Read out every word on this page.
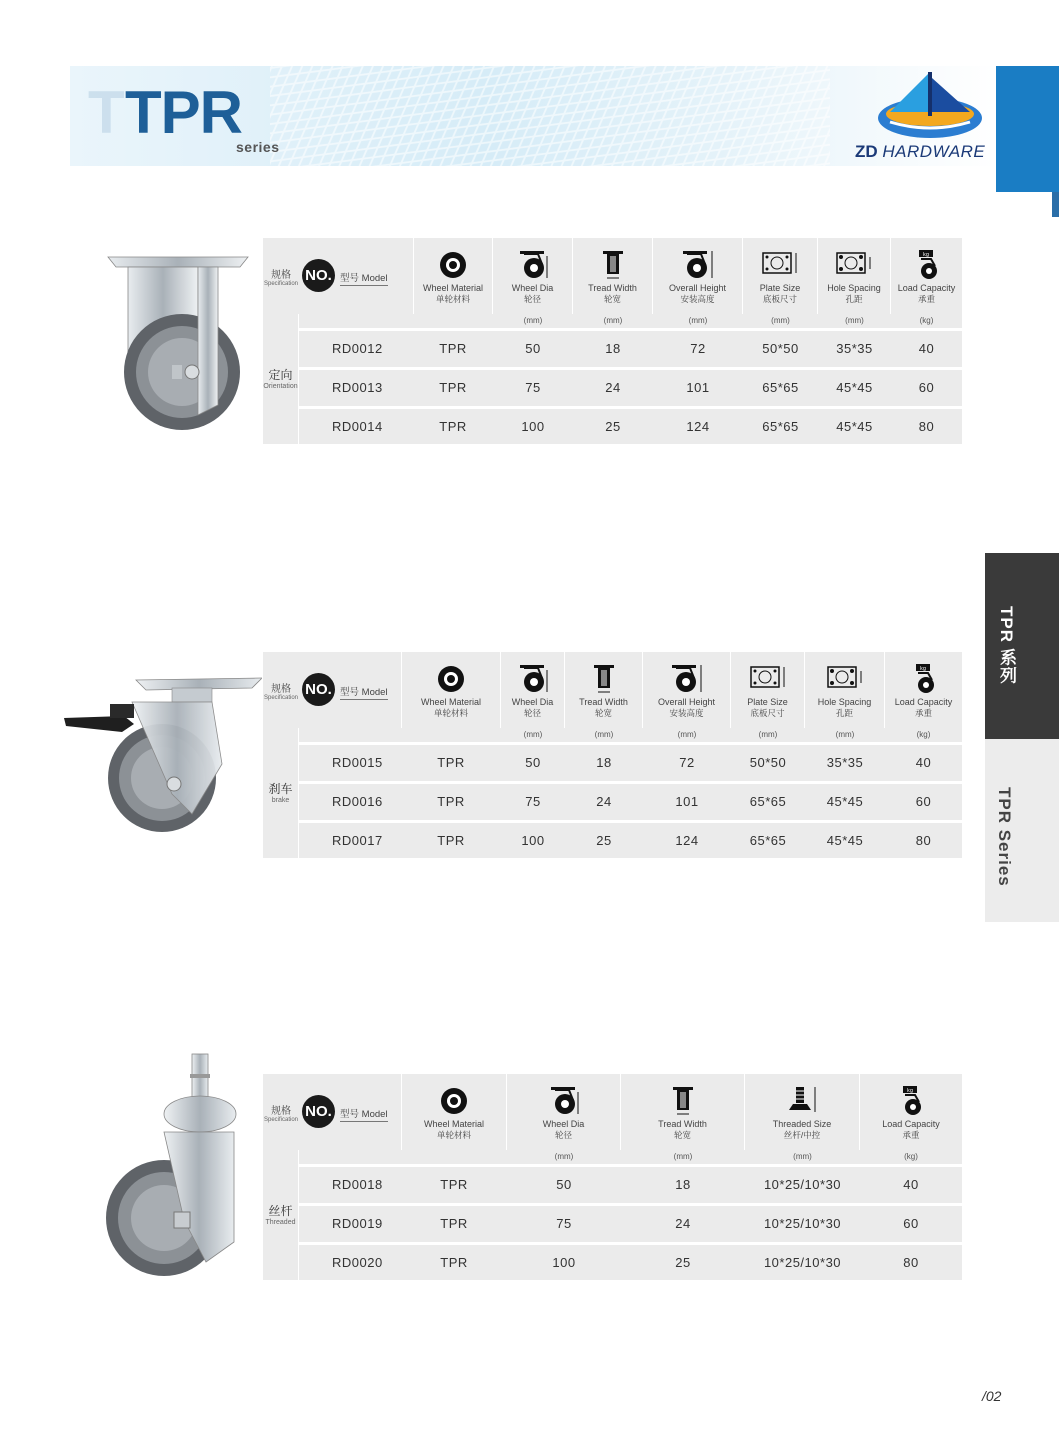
T TPR
series	ZD HARDWARE
TPR 系列
TPR Series
规格
Specification NO. 型号 Model
Wheel Material
单轮材料
Wheel Dia
轮径
Tread Width
轮宽
Overall Height
安装高度
Plate Size
底板尺寸
Hole Spacing
孔距
kg
Load Capacity
承重
(mm)	(mm)	(mm)	(mm)	(mm)	(kg)
定向
Orientation
RD0012	TPR	50	18	72	50*50	35*35	40
RD0013	TPR	75	24	101	65*65	45*45	60
RD0014	TPR	100	25	124	65*65	45*45	80
规格
Specification NO. 型号 Model
Wheel Material
单轮材料
Wheel Dia
轮径
Tread Width
轮宽
Overall Height
安装高度
Plate Size
底板尺寸
Hole Spacing
孔距
kg
Load Capacity
承重
(mm)	(mm)	(mm)	(mm)	(mm)	(kg)
刹车
brake
RD0015	TPR	50	18	72	50*50	35*35	40
RD0016	TPR	75	24	101	65*65	45*45	60
RD0017	TPR	100	25	124	65*65	45*45	80
规格
Specification NO. 型号 Model
Wheel Material
单轮材料
Wheel Dia
轮径
Tread Width
轮宽
Threaded Size
丝杆/中控
kg
Load Capacity
承重
(mm)	(mm)	(mm)	(kg)
丝杆
Threaded
RD0018	TPR	50	18	10*25/10*30	40
RD0019	TPR	75	24	10*25/10*30	60
RD0020	TPR	100	25	10*25/10*30	80
/02
